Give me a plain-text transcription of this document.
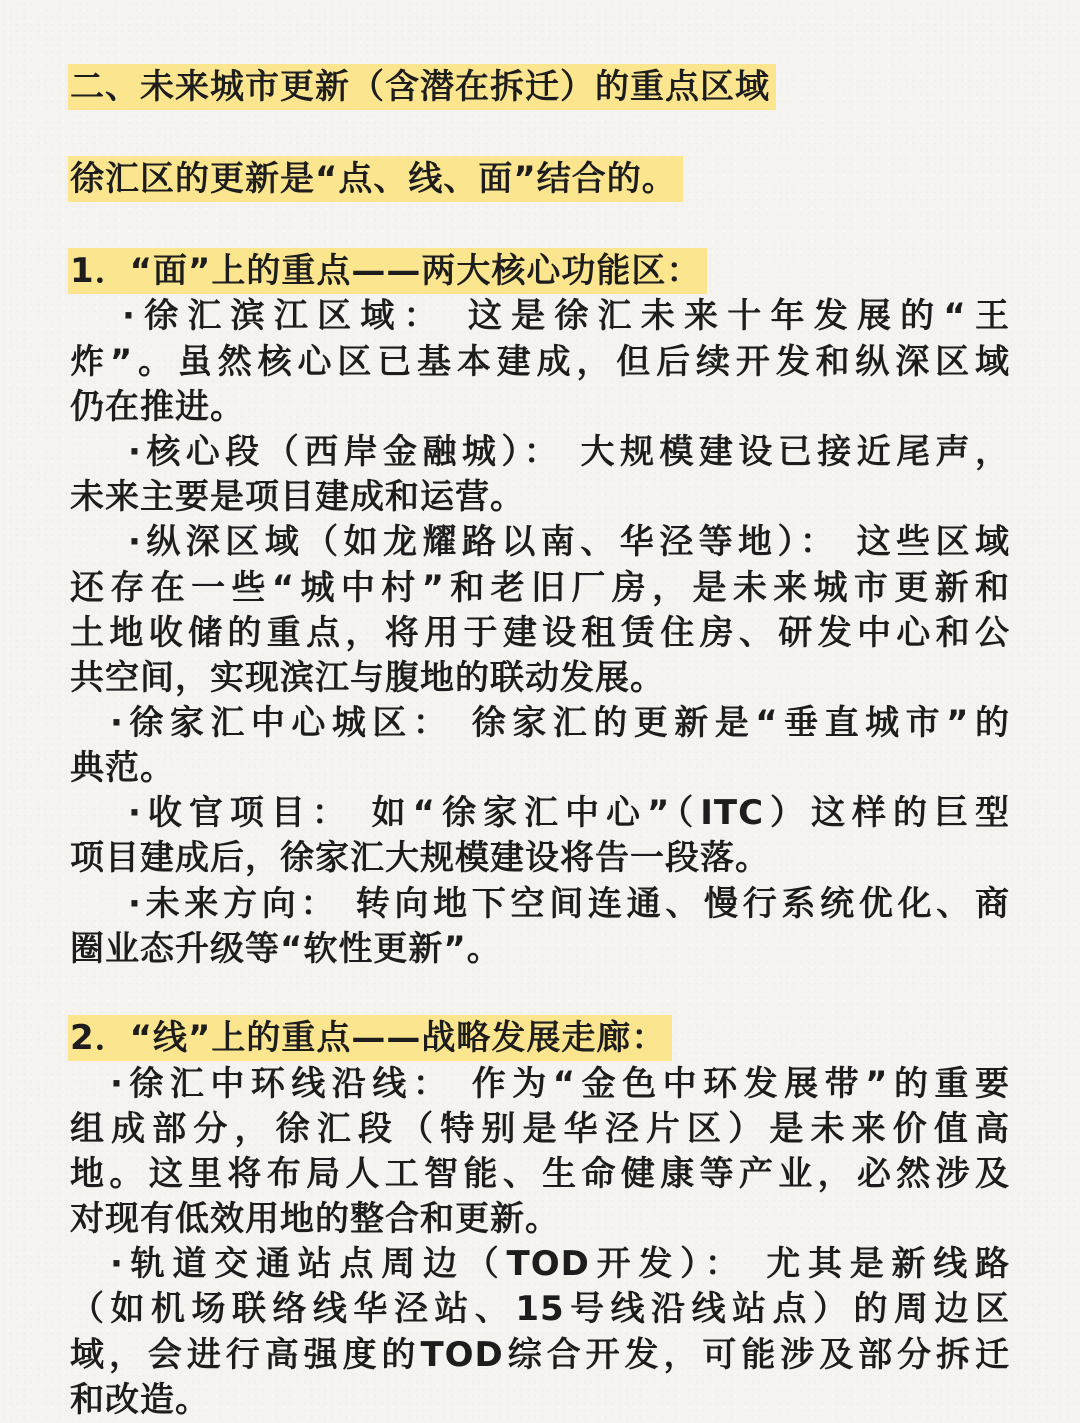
二、未来城市更新（含潜在拆迁）的重点区域
徐汇区的更新是“点、线、面”结合的。
1．“面”上的重点——两大核心功能区：
·徐汇滨江区域： 这是徐汇未来十年发展的“王
炸”。虽然核心区已基本建成，但后续开发和纵深区域
仍在推进。
·核心段（西岸金融城）： 大规模建设已接近尾声，
未来主要是项目建成和运营。
·纵深区域（如龙耀路以南、华泾等地）： 这些区域
还存在一些“城中村”和老旧厂房，是未来城市更新和
土地收储的重点，将用于建设租赁住房、研发中心和公
共空间，实现滨江与腹地的联动发展。
·徐家汇中心城区： 徐家汇的更新是“垂直城市”的
典范。
·收官项目： 如“徐家汇中心”（ITC）这样的巨型
项目建成后，徐家汇大规模建设将告一段落。
·未来方向： 转向地下空间连通、慢行系统优化、商
圈业态升级等“软性更新”。
2．“线”上的重点——战略发展走廊：
·徐汇中环线沿线： 作为“金色中环发展带”的重要
组成部分，徐汇段（特别是华泾片区）是未来价值高
地。这里将布局人工智能、生命健康等产业，必然涉及
对现有低效用地的整合和更新。
·轨道交通站点周边（TOD开发）： 尤其是新线路
（如机场联络线华泾站、15号线沿线站点）的周边区
域，会进行高强度的TOD综合开发，可能涉及部分拆迁
和改造。
